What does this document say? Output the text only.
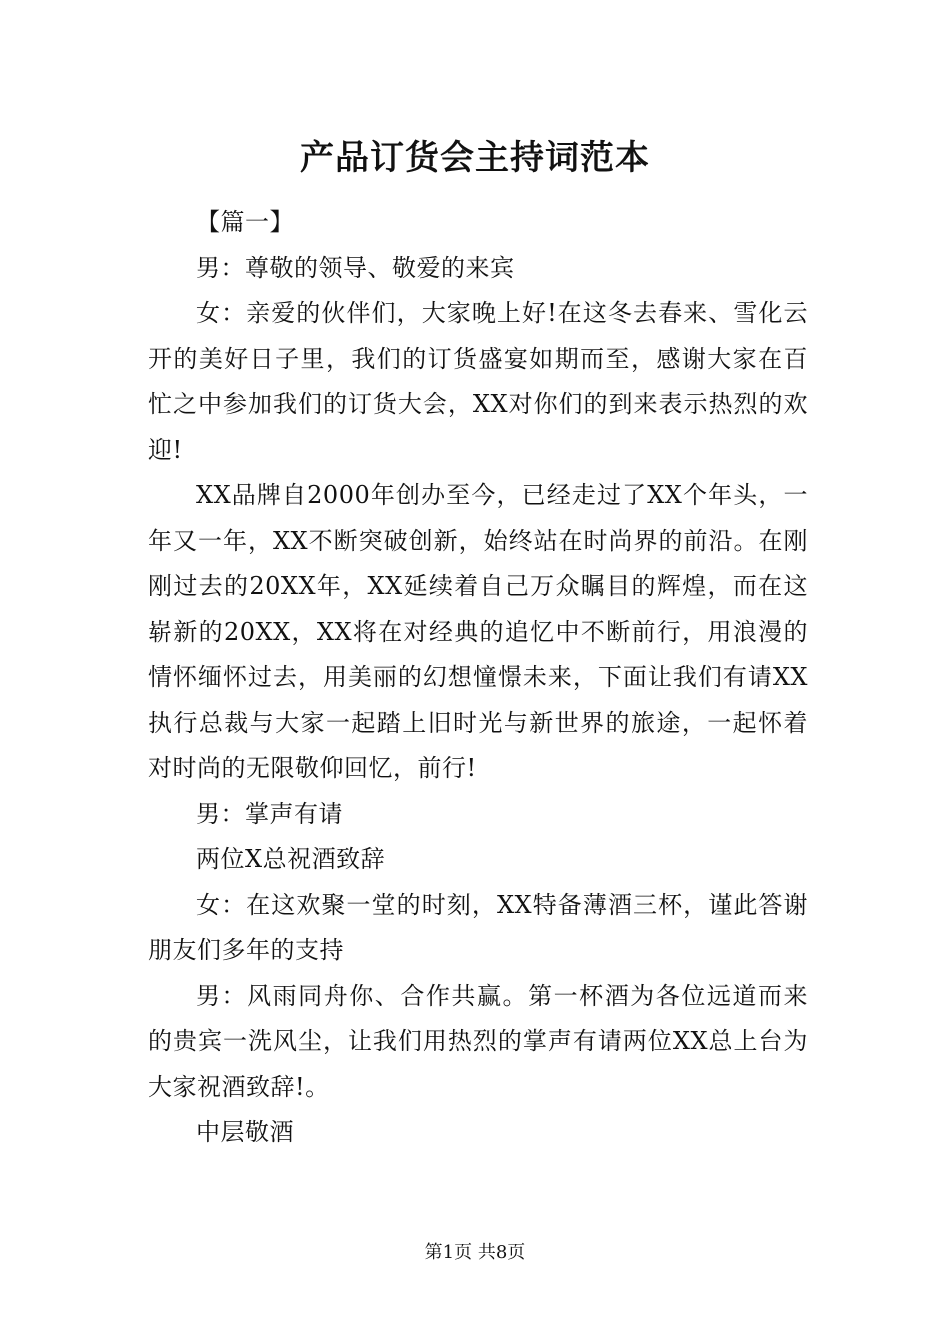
产品订货会主持词范本

【篇一】

男：尊敬的领导、敬爱的来宾

女：亲爱的伙伴们，大家晚上好!在这冬去春来、雪化云开的美好日子里，我们的订货盛宴如期而至，感谢大家在百忙之中参加我们的订货大会，XX对你们的到来表示热烈的欢迎!

XX品牌自2000年创办至今，已经走过了XX个年头，一年又一年，XX不断突破创新，始终站在时尚界的前沿。在刚刚过去的20XX年，XX延续着自己万众瞩目的辉煌，而在这崭新的20XX，XX将在对经典的追忆中不断前行，用浪漫的情怀缅怀过去，用美丽的幻想憧憬未来，下面让我们有请XX执行总裁与大家一起踏上旧时光与新世界的旅途，一起怀着对时尚的无限敬仰回忆，前行!

男：掌声有请

两位X总祝酒致辞

女：在这欢聚一堂的时刻，XX特备薄酒三杯，谨此答谢朋友们多年的支持

男：风雨同舟你、合作共赢。第一杯酒为各位远道而来的贵宾一洗风尘，让我们用热烈的掌声有请两位XX总上台为大家祝酒致辞!。

中层敬酒

第1页 共8页
